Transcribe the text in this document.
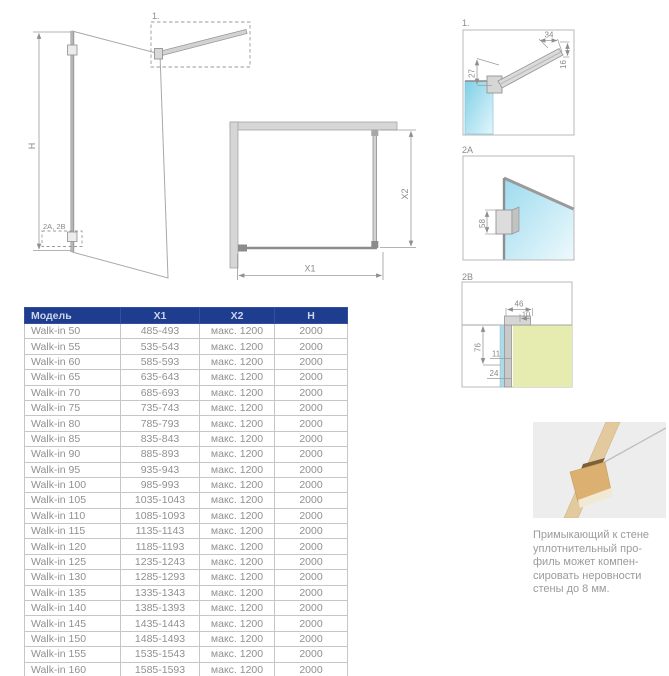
H
1.
2A, 2B
X2
X1
1.
34
16
27
2A
58
2B
46
10
76
11
24
Примыкающий к стене
уплотнительный про-
филь может компен-
сировать неровности
стены до 8 мм.
Модель	X1	X2	H
Walk-in 50	485-493	макс. 1200	2000
Walk-in 55	535-543	макс. 1200	2000
Walk-in 60	585-593	макс. 1200	2000
Walk-in 65	635-643	макс. 1200	2000
Walk-in 70	685-693	макс. 1200	2000
Walk-in 75	735-743	макс. 1200	2000
Walk-in 80	785-793	макс. 1200	2000
Walk-in 85	835-843	макс. 1200	2000
Walk-in 90	885-893	макс. 1200	2000
Walk-in 95	935-943	макс. 1200	2000
Walk-in 100	985-993	макс. 1200	2000
Walk-in 105	1035-1043	макс. 1200	2000
Walk-in 110	1085-1093	макс. 1200	2000
Walk-in 115	1135-1143	макс. 1200	2000
Walk-in 120	1185-1193	макс. 1200	2000
Walk-in 125	1235-1243	макс. 1200	2000
Walk-in 130	1285-1293	макс. 1200	2000
Walk-in 135	1335-1343	макс. 1200	2000
Walk-in 140	1385-1393	макс. 1200	2000
Walk-in 145	1435-1443	макс. 1200	2000
Walk-in 150	1485-1493	макс. 1200	2000
Walk-in 155	1535-1543	макс. 1200	2000
Walk-in 160	1585-1593	макс. 1200	2000
